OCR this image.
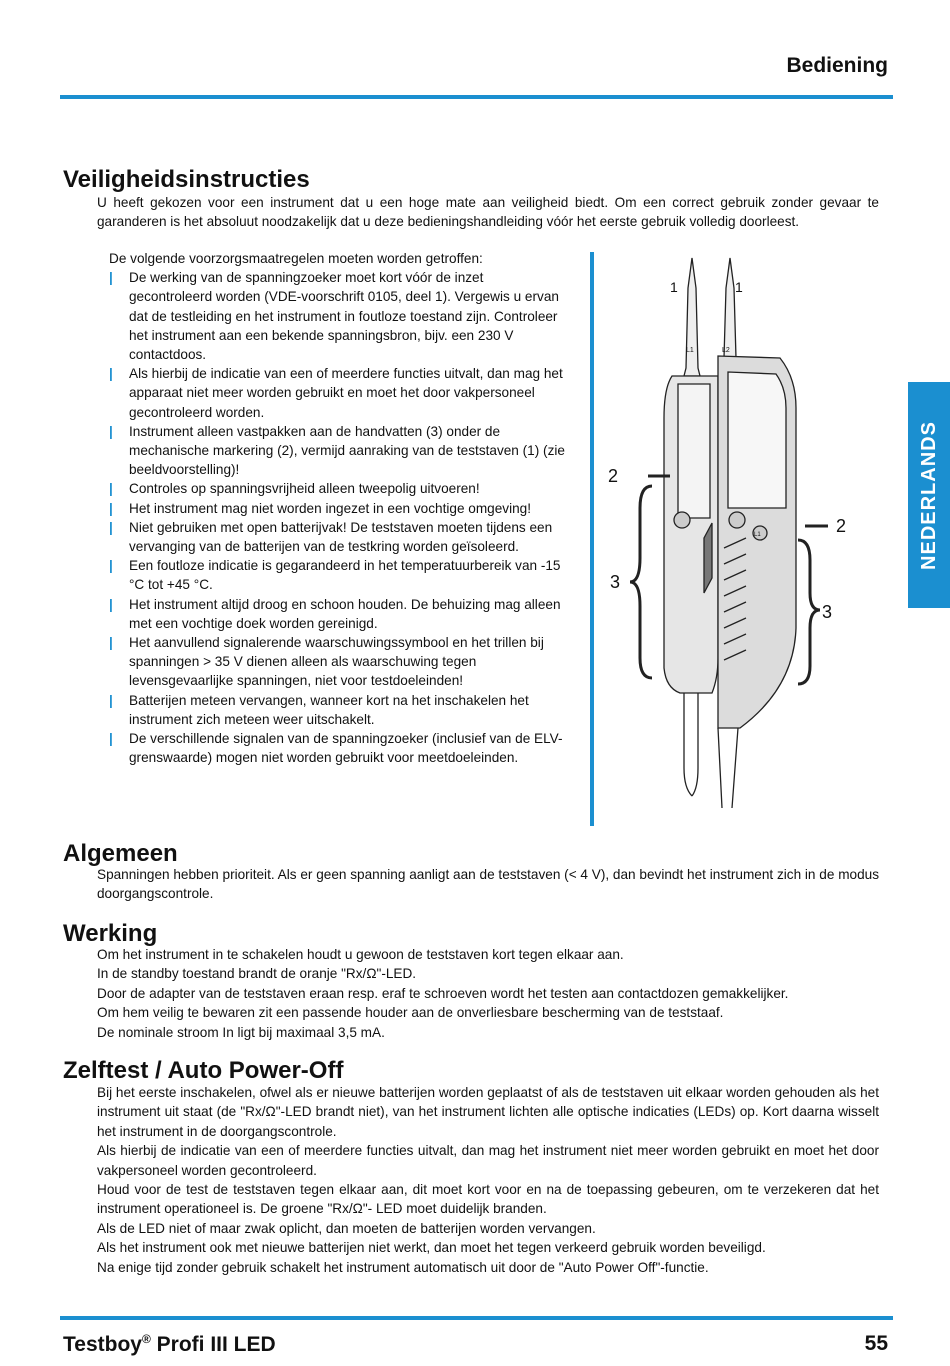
Bediening
NEDERLANDS
Veiligheidsinstructies
U heeft gekozen voor een instrument dat u een hoge mate aan veiligheid biedt. Om een correct gebruik zonder gevaar te garanderen is het absoluut noodzakelijk dat u deze bedieningshandleiding vóór het eerste gebruik volledig doorleest.

De volgende voorzorgsmaatregelen moeten worden getroffen:

| De werking van de spanningzoeker moet kort vóór de inzet gecontroleerd worden (VDE-voorschrift 0105, deel 1). Vergewis u ervan dat de testleiding en het instrument in foutloze toestand zijn. Controleer het instrument aan een bekende spanningsbron, bijv. een 230 V contactdoos.
| Als hierbij de indicatie van een of meerdere functies uitvalt, dan mag het apparaat niet meer worden gebruikt en moet het door vakpersoneel gecontroleerd worden.
| Instrument alleen vastpakken aan de handvatten (3) onder de mechanische markering (2), vermijd aanraking van de teststaven (1) (zie beeldvoorstelling)!
| Controles op spanningsvrijheid alleen tweepolig uitvoeren!
| Het instrument mag niet worden ingezet in een vochtige omgeving!
| Niet gebruiken met open batterijvak! De teststaven moeten tijdens een vervanging van de batterijen van de testkring worden geïsoleerd.
| Een foutloze indicatie is gegarandeerd in het temperatuurbereik van -15 °C tot +45 °C.
| Het instrument altijd droog en schoon houden. De behuizing mag alleen met een vochtige doek worden gereinigd.
| Het aanvullend signalerende waarschuwingssymbool en het trillen bij spanningen > 35 V dienen alleen als waarschuwing tegen levensgevaarlijke spanningen, niet voor testdoeleinden!
| Batterijen meteen vervangen, wanneer kort na het inschakelen het instrument zich meteen weer uitschakelt.
| De verschillende signalen van de spanningzoeker (inclusief van de ELV-grenswaarde) mogen niet worden gebruikt voor meetdoeleinden.
1	1
L1	L2
2
2
3
3
L1
Algemeen
Spanningen hebben prioriteit. Als er geen spanning aanligt aan de teststaven (< 4 V), dan bevindt het instrument zich in de modus doorgangscontrole.
Werking

Om het instrument in te schakelen houdt u gewoon de teststaven kort tegen elkaar aan.

In de standby toestand brandt de oranje "Rx/Ω"-LED.

Door de adapter van de teststaven eraan resp. eraf te schroeven wordt het testen aan contactdozen gemakkelijker.

Om hem veilig te bewaren zit een passende houder aan de onverliesbare bescherming van de teststaaf.

De nominale stroom In ligt bij maximaal 3,5 mA.

Zelftest / Auto Power-Off

Bij het eerste inschakelen, ofwel als er nieuwe batterijen worden geplaatst of als de teststaven uit elkaar worden gehouden als het instrument uit staat (de "Rx/Ω"-LED brandt niet), van het instrument lichten alle optische indicaties (LEDs) op. Kort daarna wisselt het instrument in de doorgangscontrole.

Als hierbij de indicatie van een of meerdere functies uitvalt, dan mag het instrument niet meer worden gebruikt en moet het door vakpersoneel worden gecontroleerd.

Houd voor de test de teststaven tegen elkaar aan, dit moet kort voor en na de toepassing gebeuren, om te verzekeren dat het instrument operationeel is. De groene "Rx/Ω"- LED moet duidelijk branden.

Als de LED niet of maar zwak oplicht, dan moeten de batterijen worden vervangen.

Als het instrument ook met nieuwe batterijen niet werkt, dan moet het tegen verkeerd gebruik worden beveiligd.

Na enige tijd zonder gebruik schakelt het instrument automatisch uit door de "Auto Power Off"-functie.

Testboy® Profi III LED	55
